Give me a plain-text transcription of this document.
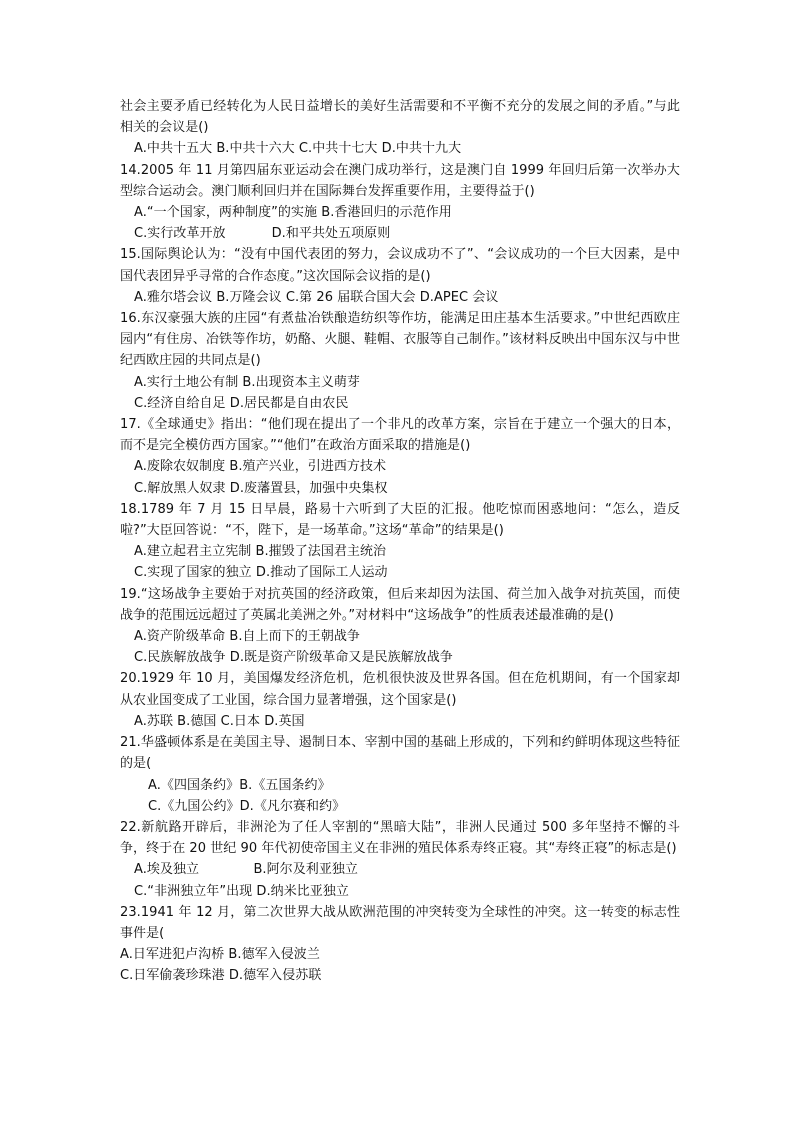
社会主要矛盾已经转化为人民日益增长的美好生活需要和不平衡不充分的发展之间的矛盾。”与此相关的会议是()

A.中共十五大 B.中共十六大 C.中共十七大 D.中共十九大

14.2005 年 11 月第四届东亚运动会在澳门成功举行，这是澳门自 1999 年回归后第一次举办大型综合运动会。澳门顺利回归并在国际舞台发挥重要作用，主要得益于()

A.“一个国家，两种制度”的实施 B.香港回归的示范作用

C.实行改革开放           D.和平共处五项原则

15.国际舆论认为：“没有中国代表团的努力，会议成功不了”、“会议成功的一个巨大因素，是中国代表团异乎寻常的合作态度。”这次国际会议指的是()

A.雅尔塔会议 B.万隆会议 C.第 26 届联合国大会 D.APEC 会议

16.东汉豪强大族的庄园“有煮盐冶铁酿造纺织等作坊，能满足田庄基本生活要求。”中世纪西欧庄园内“有住房、冶铁等作坊，奶酪、火腿、鞋帽、衣服等自己制作。”该材料反映出中国东汉与中世纪西欧庄园的共同点是()

A.实行土地公有制 B.出现资本主义萌芽

C.经济自给自足 D.居民都是自由农民

17.《全球通史》指出：“他们现在提出了一个非凡的改革方案，宗旨在于建立一个强大的日本，而不是完全模仿西方国家。”“他们”在政治方面采取的措施是()

A.废除农奴制度 B.殖产兴业，引进西方技术

C.解放黑人奴隶 D.废藩置县，加强中央集权

18.1789 年 7 月 15 日早晨，路易十六听到了大臣的汇报。他吃惊而困惑地问：“怎么，造反啦?”大臣回答说：“不，陛下，是一场革命。”这场“革命”的结果是()

A.建立起君主立宪制 B.摧毁了法国君主统治

C.实现了国家的独立 D.推动了国际工人运动

19.“这场战争主要始于对抗英国的经济政策，但后来却因为法国、荷兰加入战争对抗英国，而使战争的范围远远超过了英属北美洲之外。”对材料中“这场战争”的性质表述最准确的是()

A.资产阶级革命 B.自上而下的王朝战争

C.民族解放战争 D.既是资产阶级革命又是民族解放战争

20.1929 年 10 月，美国爆发经济危机，危机很快波及世界各国。但在危机期间，有一个国家却从农业国变成了工业国，综合国力显著增强，这个国家是()

A.苏联 B.德国 C.日本 D.英国

21.华盛顿体系是在美国主导、遏制日本、宰割中国的基础上形成的，下列和约鲜明体现这些特征的是(

A.《四国条约》B.《五国条约》

C.《九国公约》D.《凡尔赛和约》

22.新航路开辟后，非洲沦为了任人宰割的“黑暗大陆”，非洲人民通过 500 多年坚持不懈的斗争，终于在 20 世纪 90 年代初使帝国主义在非洲的殖民体系寿终正寝。其“寿终正寝”的标志是()

A.埃及独立             B.阿尔及利亚独立

C.“非洲独立年”出现 D.纳米比亚独立

23.1941 年 12 月，第二次世界大战从欧洲范围的冲突转变为全球性的冲突。这一转变的标志性事件是(

A.日军进犯卢沟桥 B.德军入侵波兰

C.日军偷袭珍珠港 D.德军入侵苏联
